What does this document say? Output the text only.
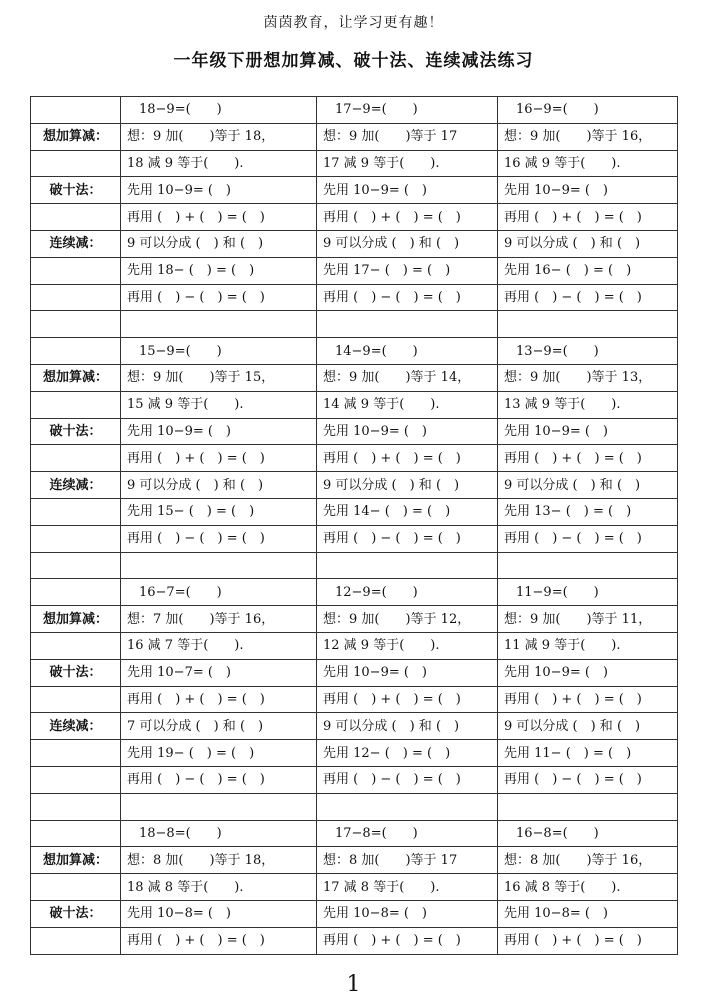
茵茵教育，让学习更有趣！
一年级下册想加算减、破十法、连续减法练习
	18−9=(　　)	17−9=(　　)	16−9=(　　)
想加算减：	想：9 加(　　)等于 18，	想：9 加(　　)等于 17	想：9 加(　　)等于 16，
	18 减 9 等于(　　).	17 减 9 等于(　　).	16 减 9 等于(　　).
破十法：	先用 10−9= (　)	先用 10−9= (　)	先用 10−9= (　)
	再用 (　) + (　) = (　)	再用 (　) + (　) = (　)	再用 (　) + (　) = (　)
连续减：	9 可以分成 (　) 和 (　)	9 可以分成 (　) 和 (　)	9 可以分成 (　) 和 (　)
	先用 18− (　) = (　)	先用 17− (　) = (　)	先用 16− (　) = (　)
	再用 (　) − (　) = (　)	再用 (　) − (　) = (　)	再用 (　) − (　) = (　)

	15−9=(　　)	14−9=(　　)	13−9=(　　)
想加算减：	想：9 加(　　)等于 15，	想：9 加(　　)等于 14，	想：9 加(　　)等于 13，
	15 减 9 等于(　　).	14 减 9 等于(　　).	13 减 9 等于(　　).
破十法：	先用 10−9= (　)	先用 10−9= (　)	先用 10−9= (　)
	再用 (　) + (　) = (　)	再用 (　) + (　) = (　)	再用 (　) + (　) = (　)
连续减：	9 可以分成 (　) 和 (　)	9 可以分成 (　) 和 (　)	9 可以分成 (　) 和 (　)
	先用 15− (　) = (　)	先用 14− (　) = (　)	先用 13− (　) = (　)
	再用 (　) − (　) = (　)	再用 (　) − (　) = (　)	再用 (　) − (　) = (　)

	16−7=(　　)	12−9=(　　)	11−9=(　　)
想加算减：	想：7 加(　　)等于 16，	想：9 加(　　)等于 12，	想：9 加(　　)等于 11，
	16 减 7 等于(　　).	12 减 9 等于(　　).	11 减 9 等于(　　).
破十法：	先用 10−7= (　)	先用 10−9= (　)	先用 10−9= (　)
	再用 (　) + (　) = (　)	再用 (　) + (　) = (　)	再用 (　) + (　) = (　)
连续减：	7 可以分成 (　) 和 (　)	9 可以分成 (　) 和 (　)	9 可以分成 (　) 和 (　)
	先用 19− (　) = (　)	先用 12− (　) = (　)	先用 11− (　) = (　)
	再用 (　) − (　) = (　)	再用 (　) − (　) = (　)	再用 (　) − (　) = (　)

	18−8=(　　)	17−8=(　　)	16−8=(　　)
想加算减：	想：8 加(　　)等于 18，	想：8 加(　　)等于 17	想：8 加(　　)等于 16，
	18 减 8 等于(　　).	17 减 8 等于(　　).	16 减 8 等于(　　).
破十法：	先用 10−8= (　)	先用 10−8= (　)	先用 10−8= (　)
	再用 (　) + (　) = (　)	再用 (　) + (　) = (　)	再用 (　) + (　) = (　)
1
